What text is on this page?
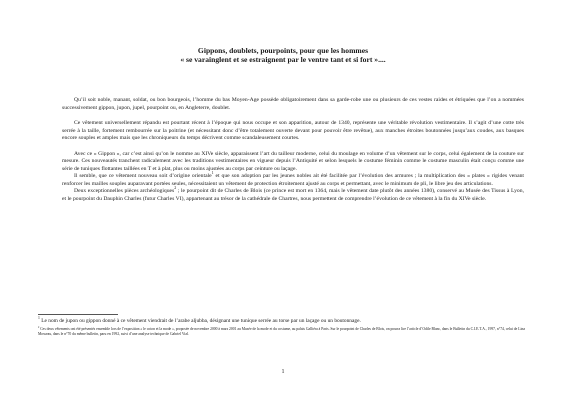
Gippons, doublets, pourpoints, pour que les hommes
« se varainglent et se estraignent par le ventre tant et si fort »....

Qu’il soit noble, manant, soldat, ou bon bourgeois, l’homme du bas Moyen-Age possède obligatoirement dans sa garde-robe une ou plusieurs de ces vestes raides et étriquées que l’on a nommées successivement gippon, jupon, jupel, pourpoint ou, en Angleterre, doublet.

Ce vêtement universellement répandu est pourtant récent à l’époque qui nous occupe et son apparition, autour de 1340, représente une véritable révolution vestimentaire. Il s’agit d’une cotte très serrée à la taille, fortement rembourrée sur la poitrine (et nécessitant donc d’être totalement ouverte devant pour pouvoir être revêtue), aux manches étroites boutonnées jusqu’aux coudes, aux basques encore souples et amples mais que les chroniqueurs du temps décrivent comme scandaleusement courtes.

Avec ce « Gippon », car c’est ainsi qu’on le nomme au XIVe siècle, apparaissent l’art du tailleur moderne, celui du moulage en volume d’un vêtement sur le corps, celui également de la couture sur mesure. Ces nouveautés tranchent radicalement avec les traditions vestimentaires en vigueur depuis l’Antiquité et selon lesquels le costume féminin comme le costume masculin était conçu comme une série de tuniques flottantes taillées en T et à plat, plus ou moins ajustées au corps par ceinture ou laçage.

Il semble, que ce vêtement nouveau soit d’origine orientale$^1$ et que son adoption par les jeunes nobles ait été facilitée par l’évolution des armures ; la multiplication des « plates » rigides venant renforcer les mailles souples auparavant portées seules, nécessitaient un vêtement de protection étroitement ajusté au corps et permettant, avec le minimum de pli, le libre jeu des articulations.

Deux exceptionnelles pièces archéologiques$^2$ ; le pourpoint dit de Charles de Blois (ce prince est mort en 1364, mais le vêtement date plutôt des années 1380), conservé au Musée des Tissus à Lyon, et le pourpoint du Dauphin Charles (futur Charles VI), appartenant au trésor de la cathédrale de Chartres, nous permettent de comprendre l’évolution de ce vêtement à la fin du XIVe siècle.

$^1$ Le nom de jupon ou gippon donné à ce vêtement viendrait de l’arabe aljubba, désignant une tunique serrée au torse par un laçage ou un boutonnage.

$^2$ Ces deux vêtements ont été présentés ensemble lors de l’exposition « le coton et la mode », proposée de novembre 2000 à mars 2001 au Musée de la mode et du costume, au palais Galliéra à Paris. Sur le pourpoint de Charles de Blois, on pourra lire l’article d’Odile Blanc, dans le Bulletin du C.I.E.T.A., 1997, n°74, celui de Lina Mosseau, dans le n°70 du même bulletin, paru en 1992, suivi d’une analyse technique de Gabriel Vial.

1
